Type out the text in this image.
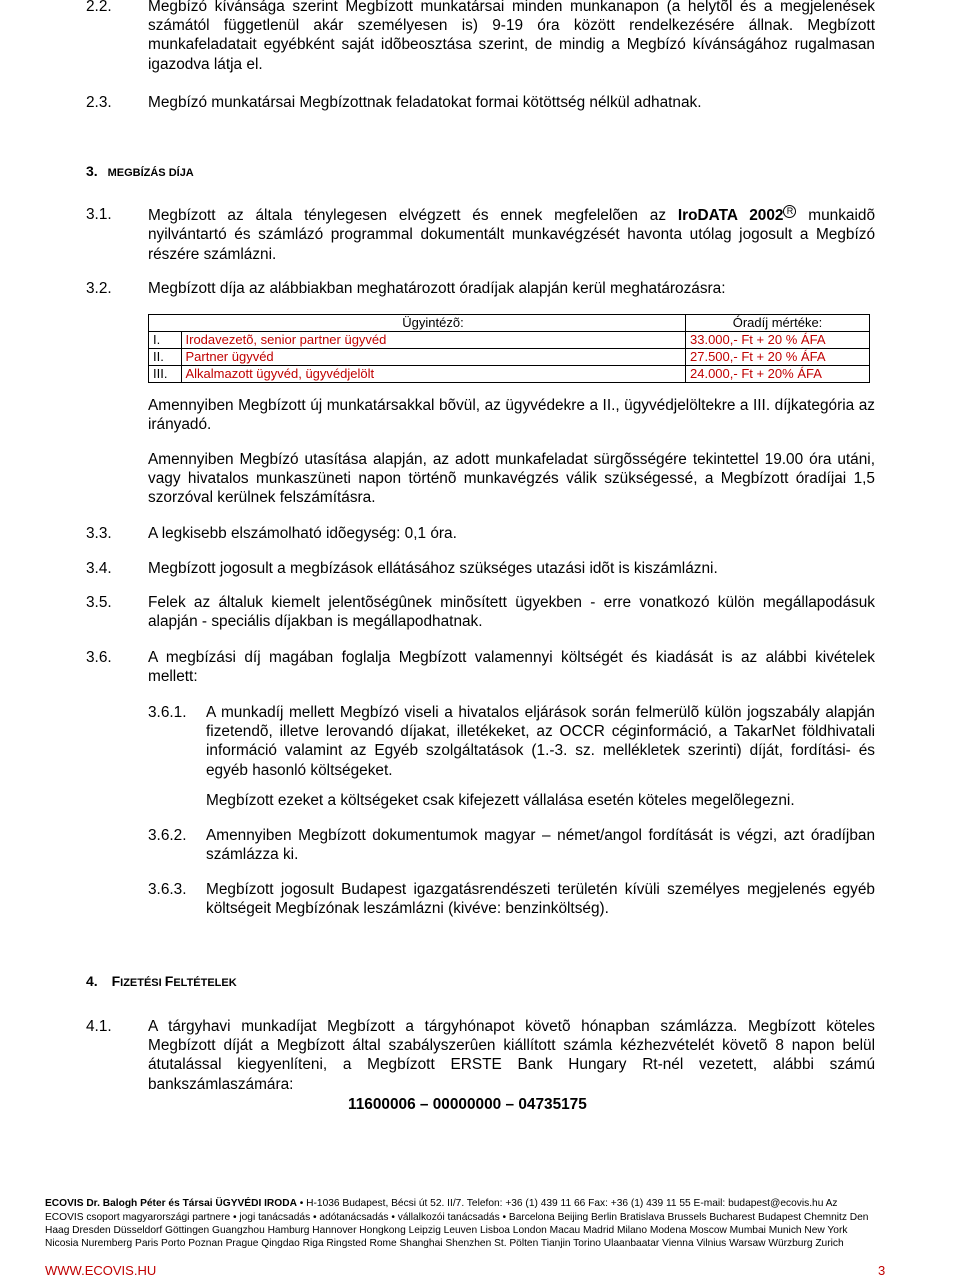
2.2. Megbízó kívánsága szerint Megbízott munkatársai minden munkanapon (a helytõl és a megjelenések számától függetlenül akár személyesen is) 9-19 óra között rendelkezésére állnak. Megbízott munkafeladatait egyébként saját idõbeosztása szerint, de mindig a Megbízó kívánságához rugalmasan igazodva látja el.
2.3. Megbízó munkatársai Megbízottnak feladatokat formai kötöttség nélkül adhatnak.
3. MEGBÍZÁS DÍJA
3.1. Megbízott az általa ténylegesen elvégzett és ennek megfelelõen az IroDATA 2002 $^R$ munkaidõ nyilvántartó és számlázó programmal dokumentált munkavégzését havonta utólag jogosult a Megbízó részére számlázni.
3.2. Megbízott díja az alábbiakban meghatározott óradíjak alapján kerül meghatározásra:
	Ügyintézõ:	Óradíj mértéke:
I.	Irodavezetõ, senior partner ügyvéd	33.000,- Ft + 20 % ÁFA
II.	Partner ügyvéd	27.500,- Ft + 20 % ÁFA
III.	Alkalmazott ügyvéd, ügyvédjelölt	24.000,- Ft + 20% ÁFA
Amennyiben Megbízott új munkatársakkal bõvül, az ügyvédekre a II., ügyvédjelöltekre a III. díjkategória az irányadó.
Amennyiben Megbízó utasítása alapján, az adott munkafeladat sürgõsségére tekintettel 19.00 óra utáni, vagy hivatalos munkaszüneti napon történõ munkavégzés válik szükségessé, a Megbízott óradíjai 1,5 szorzóval kerülnek felszámításra.
3.3. A legkisebb elszámolható idõegység: 0,1 óra.
3.4. Megbízott jogosult a megbízások ellátásához szükséges utazási idõt is kiszámlázni.
3.5. Felek az általuk kiemelt jelentõségûnek minõsített ügyekben - erre vonatkozó külön megállapodásuk alapján - speciális díjakban is megállapodhatnak.
3.6. A megbízási díj magában foglalja Megbízott valamennyi költségét és kiadását is az alábbi kivételek mellett:
3.6.1. A munkadíj mellett Megbízó viseli a hivatalos eljárások során felmerülõ külön jogszabály alapján fizetendõ, illetve lerovandó díjakat, illetékeket, az OCCR céginformáció, a TakarNet földhivatali információ valamint az Egyéb szolgáltatások (1.-3. sz. mellékletek szerinti) díját, fordítási- és egyéb hasonló költségeket.
Megbízott ezeket a költségeket csak kifejezett vállalása esetén köteles megelõlegezni.
3.6.2. Amennyiben Megbízott dokumentumok magyar – német/angol fordítását is végzi, azt óradíjban számlázza ki.
3.6.3. Megbízott jogosult Budapest igazgatásrendészeti területén kívüli személyes megjelenés egyéb költségeit Megbízónak leszámlázni (kivéve: benzinköltség).
4. FIZETÉSI FELTÉTELEK
4.1. A tárgyhavi munkadíjat Megbízott a tárgyhónapot követõ hónapban számlázza. Megbízott köteles Megbízott díját a Megbízott által szabályszerûen kiállított számla kézhezvételét követõ 8 napon belül átutalással kiegyenlíteni, a Megbízott ERSTE Bank Hungary Rt-nél vezetett, alábbi számú bankszámlaszámára:
11600006 – 00000000 – 04735175
ECOVIS Dr. Balogh Péter és Társai ÜGYVÉDI IRODA • H-1036 Budapest, Bécsi út 52. II/7. Telefon: +36 (1) 439 11 66 Fax: +36 (1) 439 11 55 E-mail: budapest@ecovis.hu Az
ECOVIS csoport magyarországi partnere • jogi tanácsadás • adótanácsadás • vállalkozói tanácsadás • Barcelona Beijing Berlin Bratislava Brussels Bucharest Budapest Chemnitz Den
Haag Dresden Düsseldorf Göttingen Guangzhou Hamburg Hannover Hongkong Leipzig Leuven Lisboa London Macau Madrid Milano Modena Moscow Mumbai Munich New York
Nicosia Nuremberg Paris Porto Poznan Prague Qingdao Riga Ringsted Rome Shanghai Shenzhen St. Pölten Tianjin Torino Ulaanbaatar Vienna Vilnius Warsaw Würzburg Zurich
WWW.ECOVIS.HU	3
